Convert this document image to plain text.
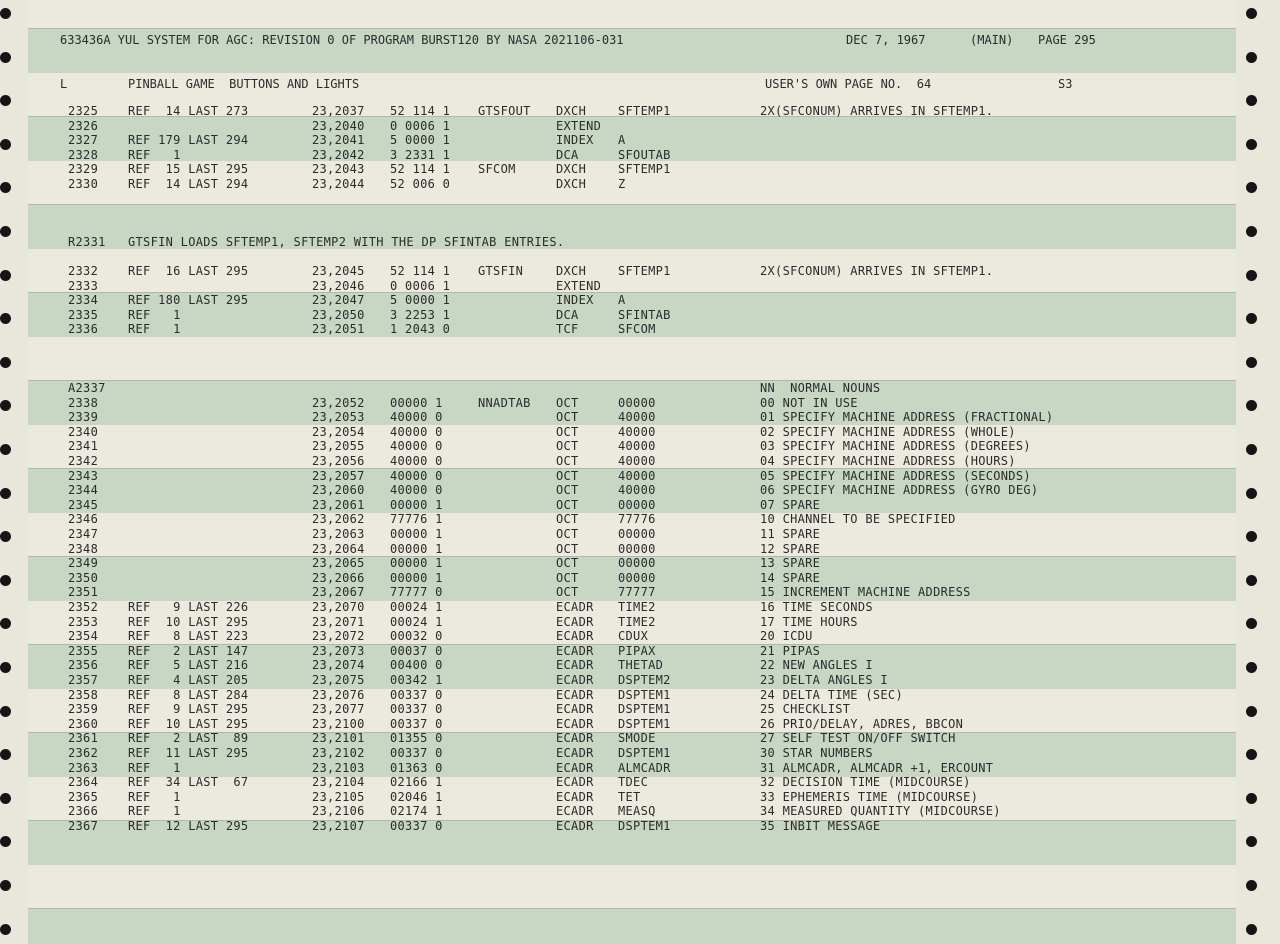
633436A YUL SYSTEM FOR AGC: REVISION 0 OF PROGRAM BURST120 BY NASA 2021106-031	DEC 7, 1967	(MAIN) PAGE 295
L	PINBALL GAME  BUTTONS AND LIGHTS	USER'S OWN PAGE NO.  64	S3
2325 REF  14 LAST 273	23,2037 52 114 1 GTSFOUT DXCH	SFTEMP1	2X(SFCONUM) ARRIVES IN SFTEMP1.
2326	23,2040 0 0006 1	EXTEND
2327 REF 179 LAST 294	23,2041 5 0000 1	INDEX A
2328 REF   1	23,2042 3 2331 1	DCA	SFOUTAB
2329 REF  15 LAST 295	23,2043 52 114 1 SFCOM	DXCH	SFTEMP1
2330 REF  14 LAST 294	23,2044 52 006 0	DXCH	Z
R2331 GTSFIN LOADS SFTEMP1, SFTEMP2 WITH THE DP SFINTAB ENTRIES.
2332 REF  16 LAST 295	23,2045 52 114 1 GTSFIN	DXCH	SFTEMP1	2X(SFCONUM) ARRIVES IN SFTEMP1.
2333	23,2046 0 0006 1	EXTEND
2334 REF 180 LAST 295	23,2047 5 0000 1	INDEX A
2335 REF   1	23,2050 3 2253 1	DCA	SFINTAB
2336 REF   1	23,2051 1 2043 0	TCF	SFCOM
A2337	NN  NORMAL NOUNS
2338	23,2052 00000 1	NNADTAB OCT	00000	00 NOT IN USE
2339	23,2053 40000 0	OCT	40000	01 SPECIFY MACHINE ADDRESS (FRACTIONAL)
2340	23,2054 40000 0	OCT	40000	02 SPECIFY MACHINE ADDRESS (WHOLE)
2341	23,2055 40000 0	OCT	40000	03 SPECIFY MACHINE ADDRESS (DEGREES)
2342	23,2056 40000 0	OCT	40000	04 SPECIFY MACHINE ADDRESS (HOURS)
2343	23,2057 40000 0	OCT	40000	05 SPECIFY MACHINE ADDRESS (SECONDS)
2344	23,2060 40000 0	OCT	40000	06 SPECIFY MACHINE ADDRESS (GYRO DEG)
2345	23,2061 00000 1	OCT	00000	07 SPARE
2346	23,2062 77776 1	OCT	77776	10 CHANNEL TO BE SPECIFIED
2347	23,2063 00000 1	OCT	00000	11 SPARE
2348	23,2064 00000 1	OCT	00000	12 SPARE
2349	23,2065 00000 1	OCT	00000	13 SPARE
2350	23,2066 00000 1	OCT	00000	14 SPARE
2351	23,2067 77777 0	OCT	77777	15 INCREMENT MACHINE ADDRESS
2352 REF   9 LAST 226	23,2070 00024 1	ECADR TIME2	16 TIME SECONDS
2353 REF  10 LAST 295	23,2071 00024 1	ECADR TIME2	17 TIME HOURS
2354 REF   8 LAST 223	23,2072 00032 0	ECADR CDUX	20 ICDU
2355 REF   2 LAST 147	23,2073 00037 0	ECADR PIPAX	21 PIPAS
2356 REF   5 LAST 216	23,2074 00400 0	ECADR THETAD	22 NEW ANGLES I
2357 REF   4 LAST 205	23,2075 00342 1	ECADR DSPTEM2	23 DELTA ANGLES I
2358 REF   8 LAST 284	23,2076 00337 0	ECADR DSPTEM1	24 DELTA TIME (SEC)
2359 REF   9 LAST 295	23,2077 00337 0	ECADR DSPTEM1	25 CHECKLIST
2360 REF  10 LAST 295	23,2100 00337 0	ECADR DSPTEM1	26 PRIO/DELAY, ADRES, BBCON
2361 REF   2 LAST  89	23,2101 01355 0	ECADR SMODE	27 SELF TEST ON/OFF SWITCH
2362 REF  11 LAST 295	23,2102 00337 0	ECADR DSPTEM1	30 STAR NUMBERS
2363 REF   1	23,2103 01363 0	ECADR ALMCADR	31 ALMCADR, ALMCADR +1, ERCOUNT
2364 REF  34 LAST  67	23,2104 02166 1	ECADR TDEC	32 DECISION TIME (MIDCOURSE)
2365 REF   1	23,2105 02046 1	ECADR TET	33 EPHEMERIS TIME (MIDCOURSE)
2366 REF   1	23,2106 02174 1	ECADR MEASQ	34 MEASURED QUANTITY (MIDCOURSE)
2367 REF  12 LAST 295	23,2107 00337 0	ECADR DSPTEM1	35 INBIT MESSAGE
